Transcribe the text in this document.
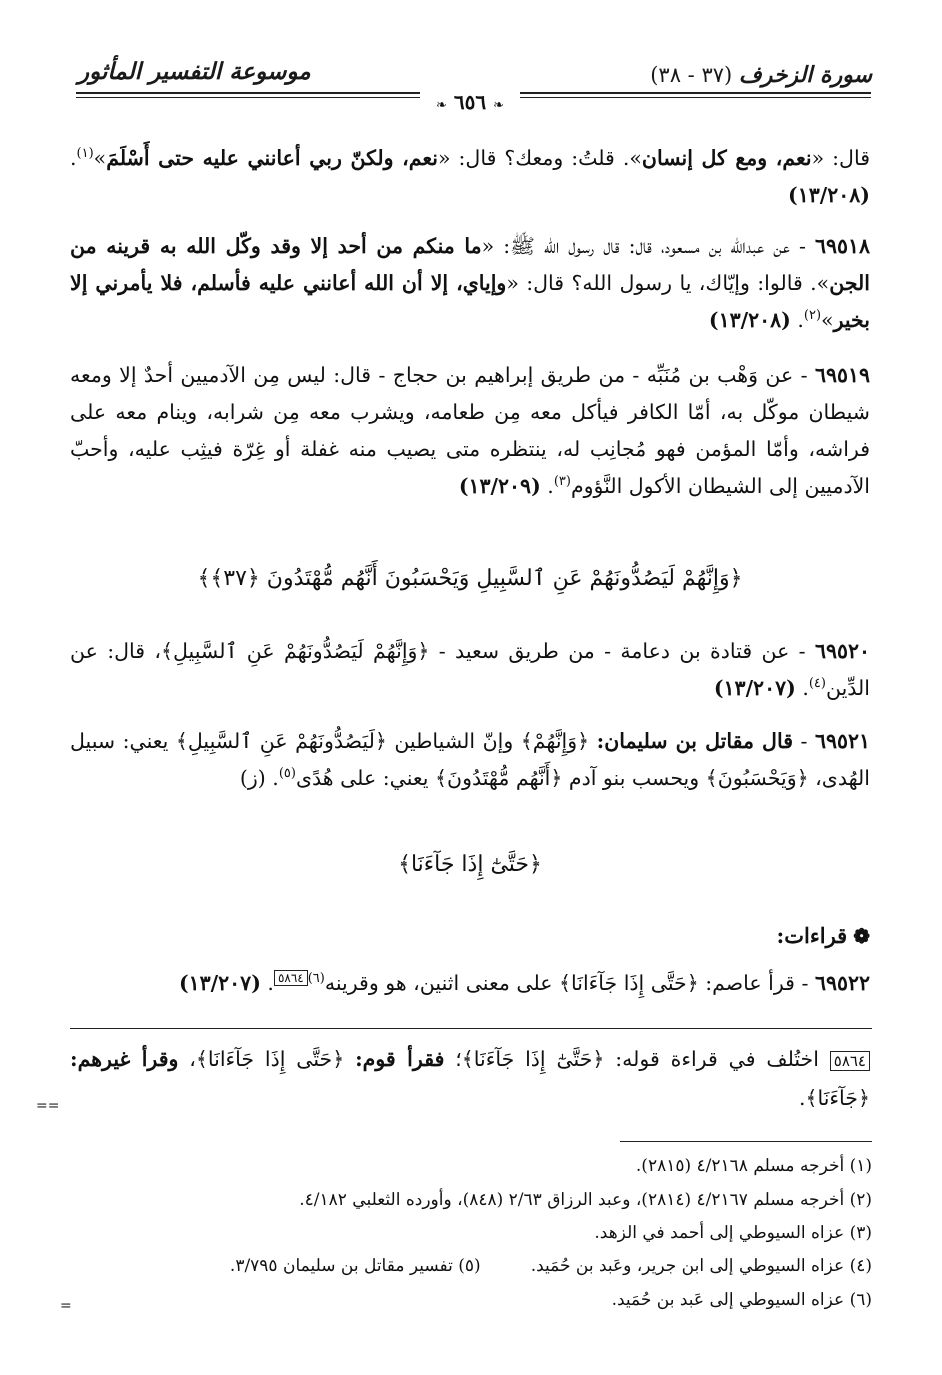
موسوعة التفسير المأثور	سورة الزخرف (٣٧ - ٣٨)
❧ ٦٥٦ ❧
قال: «نعم، ومع كل إنسان». قلتُ: ومعك؟ قال: «نعم، ولكنّ ربي أعانني عليه حتى أَسْلَمَ»$^{(١)}$. (١٣/٢٠٨)
٦٩٥١٨ - عن عبدالله بن مسعود، قال: قال رسول الله ﷺ: «ما منكم من أحد إلا وقد وكّل الله به قرينه من الجن». قالوا: وإيّاك، يا رسول الله؟ قال: «وإياي، إلا أن الله أعانني عليه فأسلم، فلا يأمرني إلا بخير»$^{(٢)}$. (١٣/٢٠٨)
٦٩٥١٩ - عن وَهْب بن مُنَبِّه - من طريق إبراهيم بن حجاج - قال: ليس مِن الآدميين أحدٌ إلا ومعه شيطان موكّل به، أمّا الكافر فيأكل معه مِن طعامه، ويشرب معه مِن شرابه، وينام معه على فراشه، وأمّا المؤمن فهو مُجانِب له، ينتظره متى يصيب منه غفلة أو غِرّة فيثِب عليه، وأحبّ الآدميين إلى الشيطان الأكول النَّؤوم$^{(٣)}$. (١٣/٢٠٩)
﴿وَإِنَّهُمْ لَيَصُدُّونَهُمْ عَنِ ٱلسَّبِيلِ وَيَحْسَبُونَ أَنَّهُم مُّهْتَدُونَ ﴿٣٧﴾﴾
٦٩٥٢٠ - عن قتادة بن دعامة - من طريق سعيد - ﴿وَإِنَّهُمْ لَيَصُدُّونَهُمْ عَنِ ٱلسَّبِيلِ﴾، قال: عن الدِّين$^{(٤)}$. (١٣/٢٠٧)
٦٩٥٢١ - قال مقاتل بن سليمان: ﴿وَإِنَّهُمْ﴾ وإنّ الشياطين ﴿لَيَصُدُّونَهُمْ عَنِ ٱلسَّبِيلِ﴾ يعني: سبيل الهُدى، ﴿وَيَحْسَبُونَ﴾ ويحسب بنو آدم ﴿أَنَّهُم مُّهْتَدُونَ﴾ يعني: على هُدًى$^{(٥)}$. (ز)
﴿حَتَّىٰٓ إِذَا جَآءَنَا﴾
❁قراءات:
٦٩٥٢٢ - قرأ عاصم: ﴿حَتَّى إِذَا جَآءَانَا﴾ على معنى اثنين، هو وقرينه$^{(٦)٥٨٦٤}$. (١٣/٢٠٧)
٥٨٦٤ اختُلف في قراءة قوله: ﴿حَتَّىٰٓ إِذَا جَآءَنَا﴾؛ فقرأ قوم: ﴿حَتَّى إِذَا جَآءَانَا﴾، وقرأ غيرهم: ﴿جَآءَنَا﴾.
==
=
(١) أخرجه مسلم ٤/٢١٦٨ (٢٨١٥).
(٢) أخرجه مسلم ٤/٢١٦٧ (٢٨١٤)، وعبد الرزاق ٢/٦٣ (٨٤٨)، وأورده الثعلبي ٤/١٨٢.
(٣) عزاه السيوطي إلى أحمد في الزهد.
(٤) عزاه السيوطي إلى ابن جرير، وعَبد بن حُمَيد.(٥) تفسير مقاتل بن سليمان ٣/٧٩٥.
(٦) عزاه السيوطي إلى عَبد بن حُمَيد.
